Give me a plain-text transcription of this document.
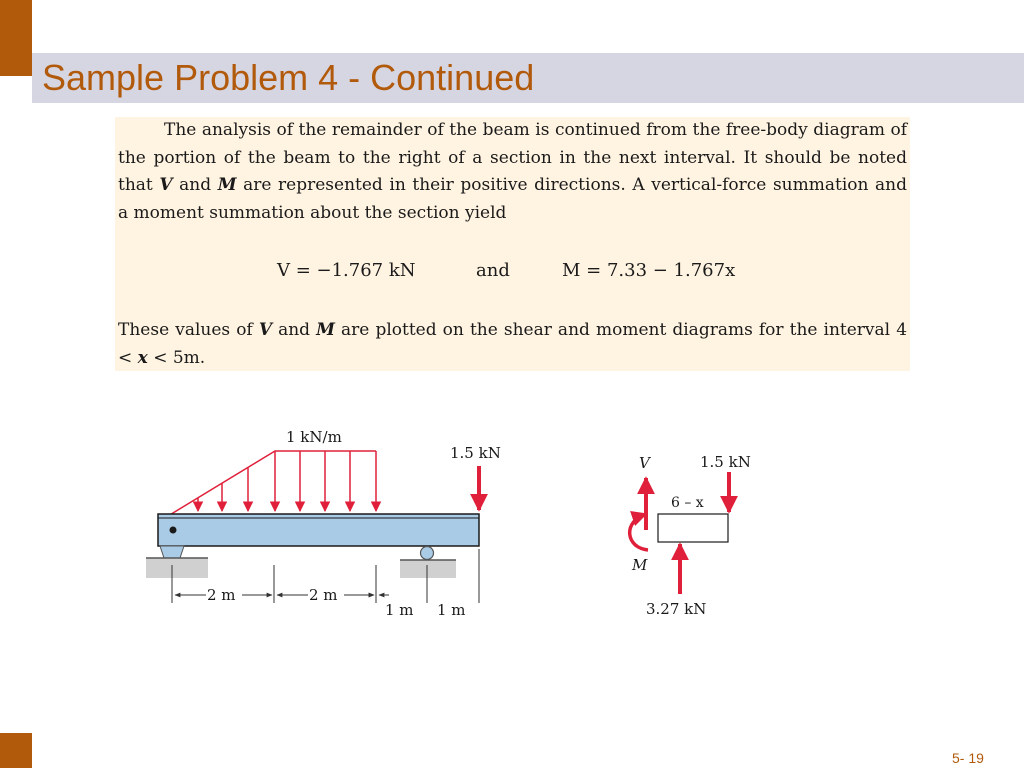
Sample Problem 4 - Continued

The analysis of the remainder of the beam is continued from the free-body diagram of the portion of the beam to the right of a section in the next interval. It should be noted that V and M are represented in their positive directions. A vertical-force summation and a moment summation about the section yield

V = −1.767 kN	and	M = 7.33 − 1.767x

These values of V and M are plotted on the shear and moment diagrams for the interval 4 < x < 5m.

1 kN/m
1.5 kN
2 m	2 m
1 m 1 m
V	1.5 kN
6 – x
M
3.27 kN
5- 19
